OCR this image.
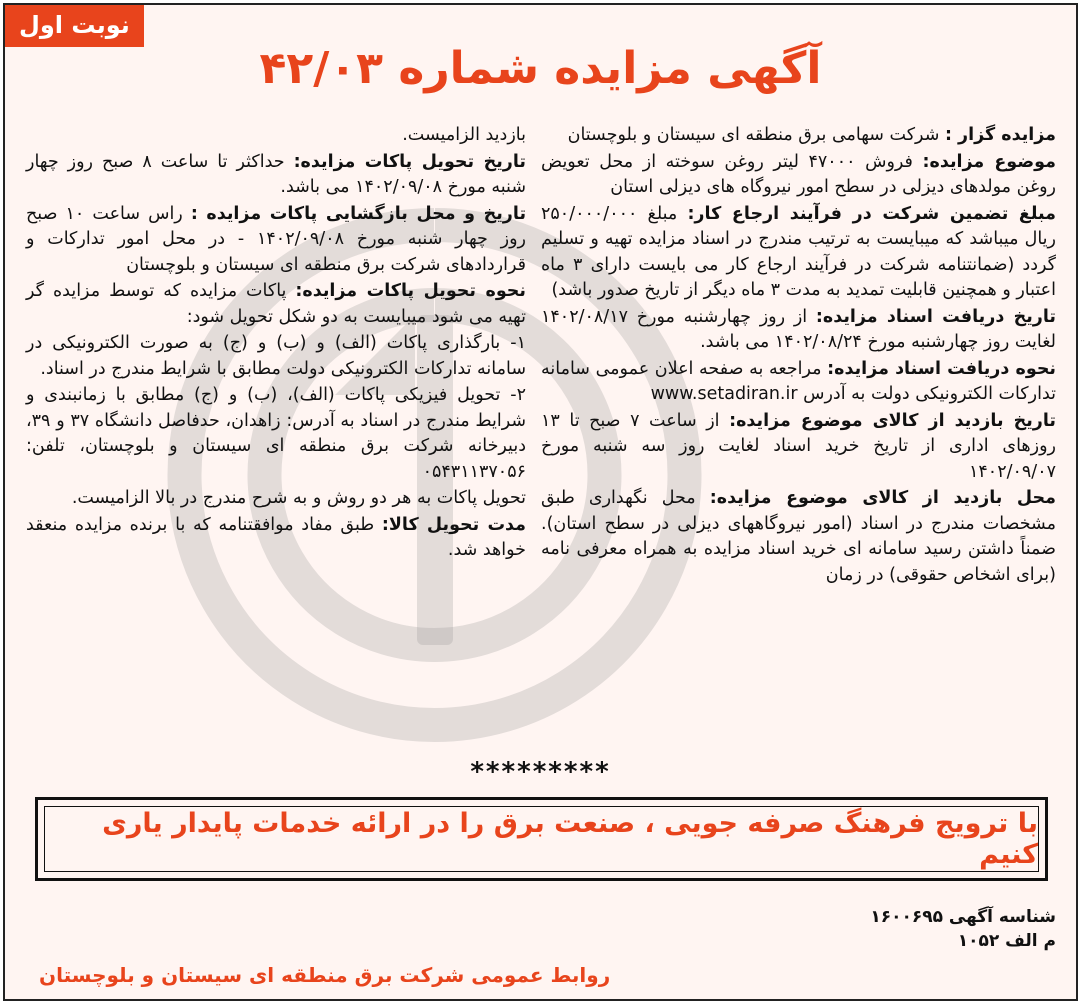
نوبت اول
آگهی مزایده شماره ۴۲/۰۳

مزایده گزار : شرکت سهامی برق منطقه ای سیستان و بلوچستان

موضوع مزایده: فروش ۴۷۰۰۰ لیتر روغن سوخته از محل تعویض روغن مولدهای دیزلی در سطح امور نیروگاه های دیزلی استان

مبلغ تضمین شرکت در فرآیند ارجاع کار: مبلغ ۲۵۰/۰۰۰/۰۰۰ ریال میباشد که میبایست به ترتیب مندرج در اسناد مزایده تهیه و تسلیم گردد (ضمانتنامه شرکت در فرآیند ارجاع کار می بایست دارای ۳ ماه اعتبار و همچنین قابلیت تمدید به مدت ۳ ماه دیگر از تاریخ صدور باشد)

تاریخ دریافت اسناد مزایده: از روز چهارشنبه مورخ ۱۴۰۲/۰۸/۱۷ لغایت روز چهارشنبه مورخ ۱۴۰۲/۰۸/۲۴ می باشد.

نحوه دریافت اسناد مزایده: مراجعه به صفحه اعلان عمومی سامانه تدارکات الکترونیکی دولت به آدرس www.setadiran.ir

تاریخ بازدید از کالای موضوع مزایده: از ساعت ۷ صبح تا ۱۳ روزهای اداری از تاریخ خرید اسناد لغایت روز سه شنبه مورخ ۱۴۰۲/۰۹/۰۷

محل بازدید از کالای موضوع مزایده: محل نگهداری طبق مشخصات مندرج در اسناد (امور نیروگاههای دیزلی در سطح استان). ضمناً داشتن رسید سامانه ای خرید اسناد مزایده به همراه معرفی نامه (برای اشخاص حقوقی) در زمان

بازدید الزامیست.

تاریخ تحویل پاکات مزایده: حداکثر تا ساعت ۸ صبح روز چهار شنبه مورخ ۱۴۰۲/۰۹/۰۸ می باشد.

تاریخ و محل بازگشایی پاکات مزایده : راس ساعت ۱۰ صبح روز چهار شنبه مورخ ۱۴۰۲/۰۹/۰۸ - در محل امور تدارکات و قراردادهای شرکت برق منطقه ای سیستان و بلوچستان

نحوه تحویل پاکات مزایده: پاکات مزایده که توسط مزایده گر تهیه می شود میبایست به دو شکل تحویل شود:

۱- بارگذاری پاکات (الف) و (ب) و (ج) به صورت الکترونیکی در سامانه تدارکات الکترونیکی دولت مطابق با شرایط مندرج در اسناد.

۲- تحویل فیزیکی پاکات (الف)، (ب) و (ج) مطابق با زمانبندی و شرایط مندرج در اسناد به آدرس: زاهدان، حدفاصل دانشگاه ۳۷ و ۳۹، دبیرخانه شرکت برق منطقه ای سیستان و بلوچستان، تلفن: ۰۵۴۳۱۱۳۷۰۵۶

تحویل پاکات به هر دو روش و به شرح مندرج در بالا الزامیست.

مدت تحویل کالا: طبق مفاد موافقتنامه که با برنده مزایده منعقد خواهد شد.

*********
با ترویج فرهنگ صرفه جویی ، صنعت برق را در ارائه خدمات پایدار یاری کنیم
شناسه آگهی ۱۶۰۰۶۹۵
م الف ۱۰۵۲
روابط عمومی شرکت برق منطقه ای سیستان و بلوچستان
